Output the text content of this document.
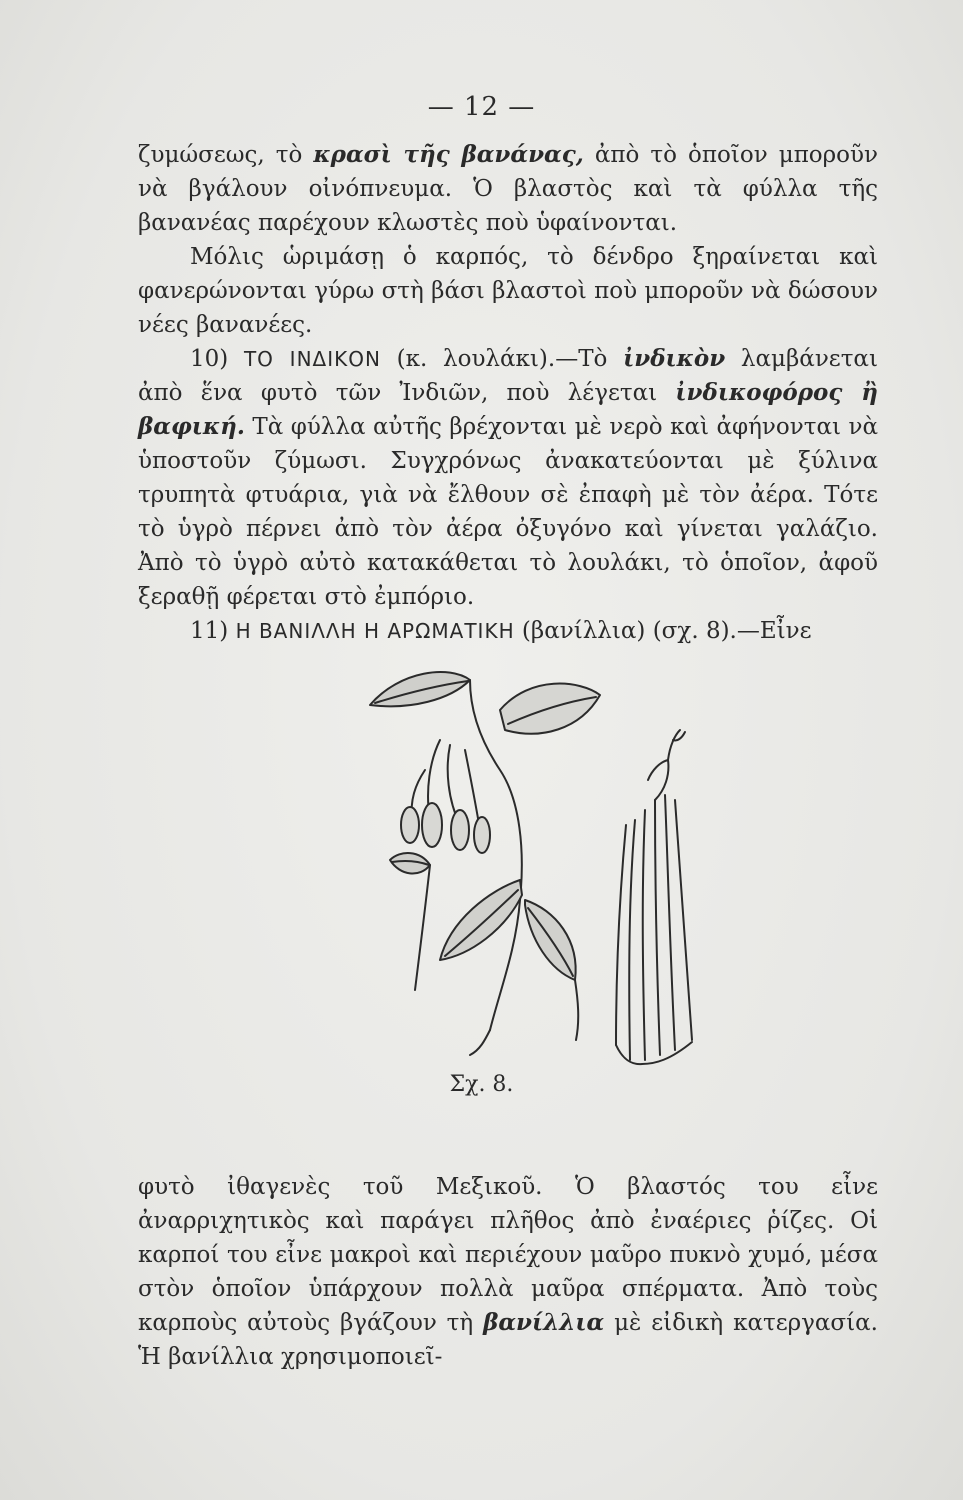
— 12 —

ζυμώσεως, τὸ κρασὶ τῆς βανάνας, ἀπὸ τὸ ὁποῖον μποροῦν νὰ βγάλουν οἰνόπνευμα. Ὁ βλαστὸς καὶ τὰ φύλλα τῆς βανανέας παρέχουν κλωστὲς ποὺ ὑφαίνονται.

Μόλις ὡριμάσῃ ὁ καρπός, τὸ δένδρο ξηραίνεται καὶ φανερώνονται γύρω στὴ βάσι βλαστοὶ ποὺ μποροῦν νὰ δώσουν νέες βανανέες.

10) ΤΟ ΙΝΔΙΚΟΝ (κ. λουλάκι).—Τὸ ἰνδικὸν λαμβάνεται ἀπὸ ἕνα φυτὸ τῶν Ἰνδιῶν, ποὺ λέγεται ἰνδικοφόρος ἢ βαφική. Τὰ φύλλα αὐτῆς βρέχονται μὲ νερὸ καὶ ἀφήνονται νὰ ὑποστοῦν ζύμωσι. Συγχρόνως ἀνακατεύονται μὲ ξύλινα τρυπητὰ φτυάρια, γιὰ νὰ ἔλθουν σὲ ἐπαφὴ μὲ τὸν ἀέρα. Τότε τὸ ὑγρὸ πέρνει ἀπὸ τὸν ἀέρα ὀξυγόνο καὶ γίνεται γαλάζιο. Ἀπὸ τὸ ὑγρὸ αὐτὸ κατακάθεται τὸ λουλάκι, τὸ ὁποῖον, ἀφοῦ ξεραθῇ φέρεται στὸ ἐμπόριο.

11) Η ΒΑΝΙΛΛΗ Η ΑΡΩΜΑΤΙΚΗ (βανίλλια) (σχ. 8).—Εἶνε

Σχ. 8.

φυτὸ ἰθαγενὲς τοῦ Μεξικοῦ. Ὁ βλαστός του εἶνε ἀναρριχητικὸς καὶ παράγει πλῆθος ἀπὸ ἐναέριες ῥίζες. Οἱ καρποί του εἶνε μακροὶ καὶ περιέχουν μαῦρο πυκνὸ χυμό, μέσα στὸν ὁποῖον ὑπάρχουν πολλὰ μαῦρα σπέρματα. Ἀπὸ τοὺς καρποὺς αὐτοὺς βγάζουν τὴ βανίλλια μὲ εἰδικὴ κατεργασία. Ἡ βανίλλια χρησιμοποιεῖ-
